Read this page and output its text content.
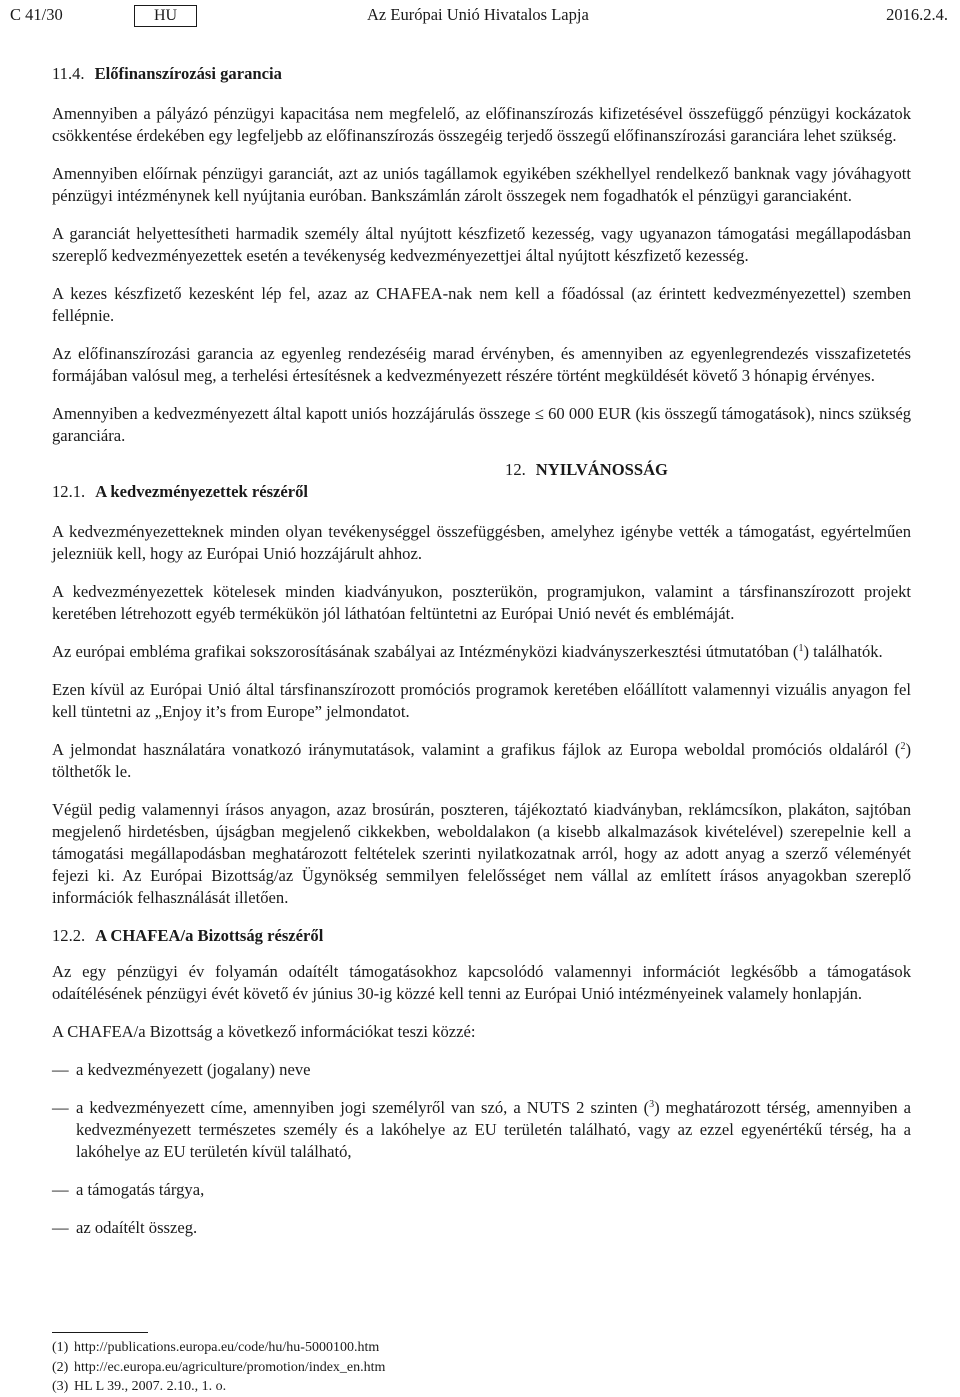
C 41/30	HU	Az Európai Unió Hivatalos Lapja	2016.2.4.
11.4. Előfinanszírozási garancia

Amennyiben a pályázó pénzügyi kapacitása nem megfelelő, az előfinanszírozás kifizetésével összefüggő pénzügyi kockázatok csökkentése érdekében egy legfeljebb az előfinanszírozás összegéig terjedő összegű előfinanszírozási garanciára lehet szükség.

Amennyiben előírnak pénzügyi garanciát, azt az uniós tagállamok egyikében székhellyel rendelkező banknak vagy jóváhagyott pénzügyi intézménynek kell nyújtania euróban. Bankszámlán zárolt összegek nem fogadhatók el pénzügyi garanciaként.

A garanciát helyettesítheti harmadik személy által nyújtott készfizető kezesség, vagy ugyanazon támogatási megállapodásban szereplő kedvezményezettek esetén a tevékenység kedvezményezettjei által nyújtott készfizető kezesség.

A kezes készfizető kezesként lép fel, azaz az CHAFEA-nak nem kell a főadóssal (az érintett kedvezményezettel) szemben fellépnie.

Az előfinanszírozási garancia az egyenleg rendezéséig marad érvényben, és amennyiben az egyenlegrendezés visszafizetetés formájában valósul meg, a terhelési értesítésnek a kedvezményezett részére történt megküldését követő 3 hónapig érvényes.

Amennyiben a kedvezményezett által kapott uniós hozzájárulás összege ≤ 60 000 EUR (kis összegű támogatások), nincs szükség garanciára.

12. NYILVÁNOSSÁG
12.1. A kedvezményezettek részéről

A kedvezményezetteknek minden olyan tevékenységgel összefüggésben, amelyhez igénybe vették a támogatást, egyértelműen jelezniük kell, hogy az Európai Unió hozzájárult ahhoz.

A kedvezményezettek kötelesek minden kiadványukon, poszterükön, programjukon, valamint a társfinanszírozott projekt keretében létrehozott egyéb termékükön jól láthatóan feltüntetni az Európai Unió nevét és emblémáját.

Az európai embléma grafikai sokszorosításának szabályai az Intézményközi kiadványszerkesztési útmutatóban ($^1$) találhatók.

Ezen kívül az Európai Unió által társfinanszírozott promóciós programok keretében előállított valamennyi vizuális anyagon fel kell tüntetni az „Enjoy it’s from Europe” jelmondatot.

A jelmondat használatára vonatkozó iránymutatások, valamint a grafikus fájlok az Europa weboldal promóciós oldaláról ($^2$) tölthetők le.

Végül pedig valamennyi írásos anyagon, azaz brosúrán, poszteren, tájékoztató kiadványban, reklámcsíkon, plakáton, sajtóban megjelenő hirdetésben, újságban megjelenő cikkekben, weboldalakon (a kisebb alkalmazások kivételével) szerepelnie kell a támogatási megállapodásban meghatározott feltételek szerinti nyilatkozatnak arról, hogy az adott anyag a szerző véleményét fejezi ki. Az Európai Bizottság/az Ügynökség semmilyen felelősséget nem vállal az említett írásos anyagokban szereplő információk felhasználását illetően.

12.2. A CHAFEA/a Bizottság részéről

Az egy pénzügyi év folyamán odaítélt támogatásokhoz kapcsolódó valamennyi információt legkésőbb a támogatások odaítélésének pénzügyi évét követő év június 30-ig közzé kell tenni az Európai Unió intézményeinek valamely honlapján.

A CHAFEA/a Bizottság a következő információkat teszi közzé:

— a kedvezményezett (jogalany) neve
— a kedvezményezett címe, amennyiben jogi személyről van szó, a NUTS 2 szinten ($^3$) meghatározott térség, amennyiben a kedvezményezett természetes személy és a lakóhelye az EU területén található, vagy az ezzel egyenértékű térség, ha a lakóhelye az EU területén kívül található,
— a támogatás tárgya,
— az odaítélt összeg.
(1) http://publications.europa.eu/code/hu/hu-5000100.htm
(2) http://ec.europa.eu/agriculture/promotion/index_en.htm
(3) HL L 39., 2007. 2.10., 1. o.
